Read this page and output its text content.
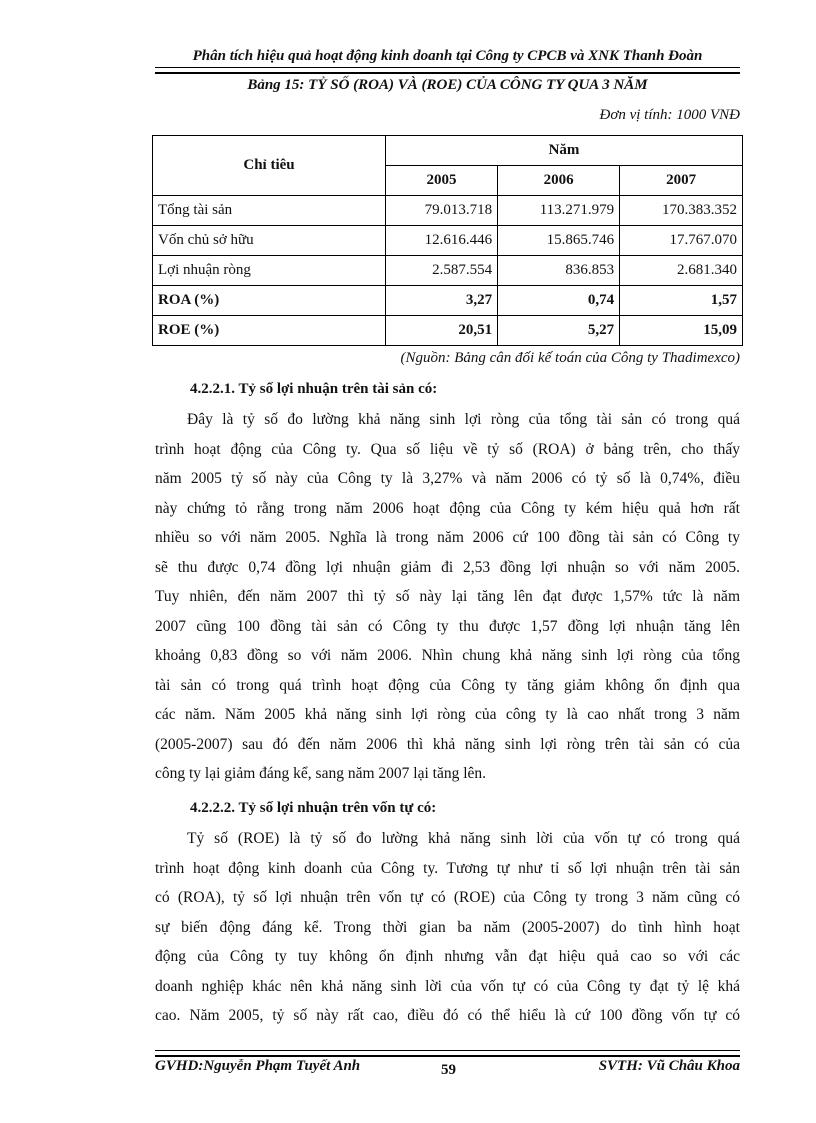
Phân tích hiệu quả hoạt động kinh doanh tại Công ty CPCB và XNK Thanh Đoàn
Bảng 15: TỶ SỐ (ROA) VÀ (ROE) CỦA CÔNG TY QUA 3 NĂM
Đơn vị tính: 1000 VNĐ
Chỉ tiêu	Năm		
	2005	2006	2007
Tổng tài sản	79.013.718	113.271.979	170.383.352
Vốn chủ sở hữu	12.616.446	15.865.746	17.767.070
Lợi nhuận ròng	2.587.554	836.853	2.681.340
ROA (%)	3,27	0,74	1,57
ROE (%)	20,51	5,27	15,09
(Nguồn: Bảng cân đối kế toán của Công ty Thadimexco)
4.2.2.1. Tỷ số lợi nhuận trên tài sản có:
Đây là tỷ số đo lường khả năng sinh lợi ròng của tổng tài sản có trong quá
trình hoạt động của Công ty. Qua số liệu về tỷ số (ROA) ở bảng trên, cho thấy
năm 2005 tỷ số này của Công ty là 3,27% và năm 2006 có tỷ số là 0,74%, điều
này chứng tỏ rằng trong năm 2006 hoạt động của Công ty kém hiệu quả hơn rất
nhiều so với năm 2005. Nghĩa là trong năm 2006 cứ 100 đồng tài sản có Công ty
sẽ thu được 0,74 đồng lợi nhuận giảm đi 2,53 đồng lợi nhuận so với năm 2005.
Tuy nhiên, đến năm 2007 thì tỷ số này lại tăng lên đạt được 1,57% tức là năm
2007 cũng 100 đồng tài sản có Công ty thu được 1,57 đồng lợi nhuận tăng lên
khoảng 0,83 đồng so với năm 2006. Nhìn chung khả năng sinh lợi ròng của tổng
tài sản có trong quá trình hoạt động của Công ty tăng giảm không ổn định qua
các năm. Năm 2005 khả năng sinh lợi ròng của công ty là cao nhất trong 3 năm
(2005-2007) sau đó đến năm 2006 thì khả năng sinh lợi ròng trên tài sản có của
công ty lại giảm đáng kể, sang năm 2007 lại tăng lên.
4.2.2.2. Tỷ số lợi nhuận trên vốn tự có:
Tỷ số (ROE) là tỷ số đo lường khả năng sinh lời của vốn tự có trong quá
trình hoạt động kinh doanh của Công ty. Tương tự như tỉ số lợi nhuận trên tài sản
có (ROA), tỷ số lợi nhuận trên vốn tự có (ROE) của Công ty trong 3 năm cũng có
sự biến động đáng kể. Trong thời gian ba năm (2005-2007) do tình hình hoạt
động của Công ty tuy không ổn định nhưng vẫn đạt hiệu quả cao so với các
doanh nghiệp khác nên khả năng sinh lời của vốn tự có của Công ty đạt tỷ lệ khá
cao. Năm 2005, tỷ số này rất cao, điều đó có thể hiểu là cứ 100 đồng vốn tự có
GVHD:Nguyễn Phạm Tuyết Anh	59	SVTH: Vũ Châu Khoa
